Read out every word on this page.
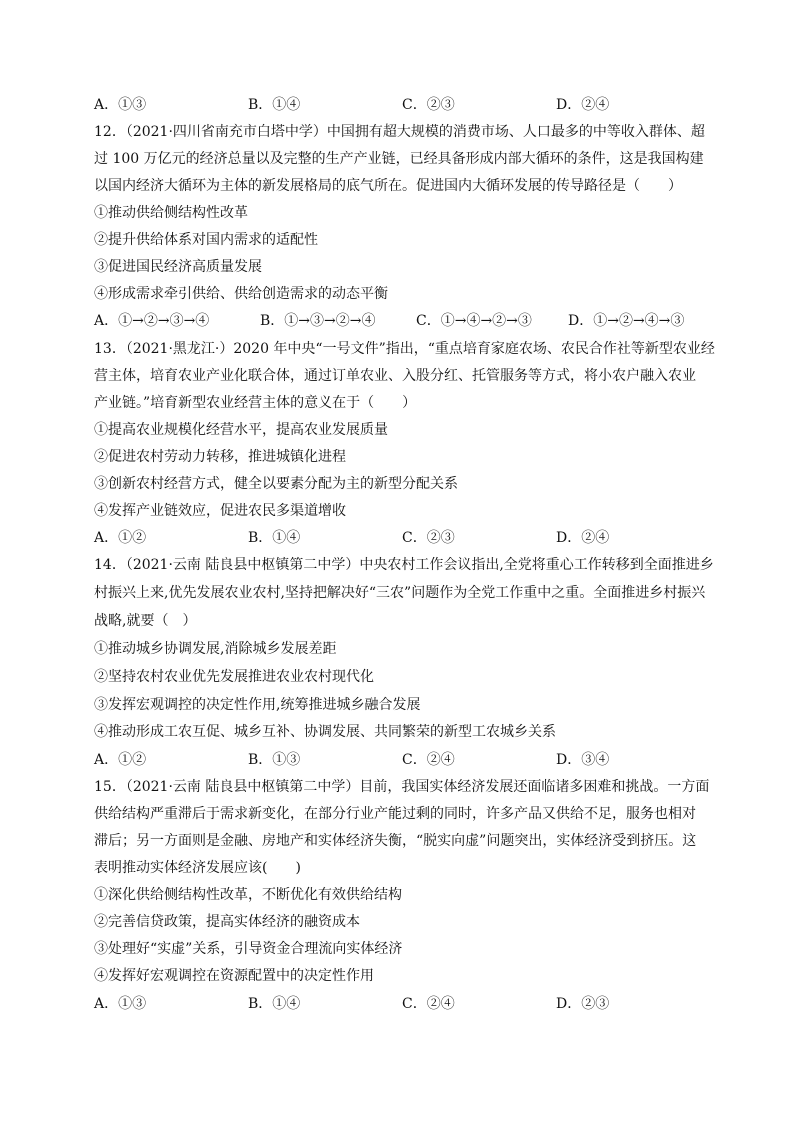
A．①③	B．①④	C．②③	D．②④
12．（2021·四川省南充市白塔中学）中国拥有超大规模的消费市场、人口最多的中等收入群体、超
过 100 万亿元的经济总量以及完整的生产产业链，已经具备形成内部大循环的条件，这是我国构建
以国内经济大循环为主体的新发展格局的底气所在。促进国内大循环发展的传导路径是（　　）
①推动供给侧结构性改革
②提升供给体系对国内需求的适配性
③促进国民经济高质量发展
④形成需求牵引供给、供给创造需求的动态平衡
A．①→②→③→④	B．①→③→②→④	C．①→④→②→③	D．①→②→④→③
13．（2021·黑龙江·）2020 年中央“一号文件”指出，“重点培育家庭农场、农民合作社等新型农业经
营主体，培育农业产业化联合体，通过订单农业、入股分红、托管服务等方式，将小农户融入农业
产业链。”培育新型农业经营主体的意义在于（　　）
①提高农业规模化经营水平，提高农业发展质量
②促进农村劳动力转移，推进城镇化进程
③创新农村经营方式，健全以要素分配为主的新型分配关系
④发挥产业链效应，促进农民多渠道增收
A．①②	B．①④	C．②③	D．②④
14．（2021·云南 陆良县中枢镇第二中学）中央农村工作会议指出,全党将重心工作转移到全面推进乡
村振兴上来,优先发展农业农村,坚持把解决好“三农”问题作为全党工作重中之重。全面推进乡村振兴
战略,就要（　）
①推动城乡协调发展,消除城乡发展差距
②坚持农村农业优先发展推进农业农村现代化
③发挥宏观调控的决定性作用,统筹推进城乡融合发展
④推动形成工农互促、城乡互补、协调发展、共同繁荣的新型工农城乡关系
A．①②	B．①③	C．②④	D．③④
15．（2021·云南 陆良县中枢镇第二中学）目前，我国实体经济发展还面临诸多困难和挑战。一方面
供给结构严重滞后于需求新变化，在部分行业产能过剩的同时，许多产品又供给不足，服务也相对
滞后；另一方面则是金融、房地产和实体经济失衡，“脱实向虚”问题突出，实体经济受到挤压。这
表明推动实体经济发展应该(　　)
①深化供给侧结构性改革，不断优化有效供给结构
②完善信贷政策，提高实体经济的融资成本
③处理好“实虚”关系，引导资金合理流向实体经济
④发挥好宏观调控在资源配置中的决定性作用
A．①③	B．①④	C．②④	D．②③
